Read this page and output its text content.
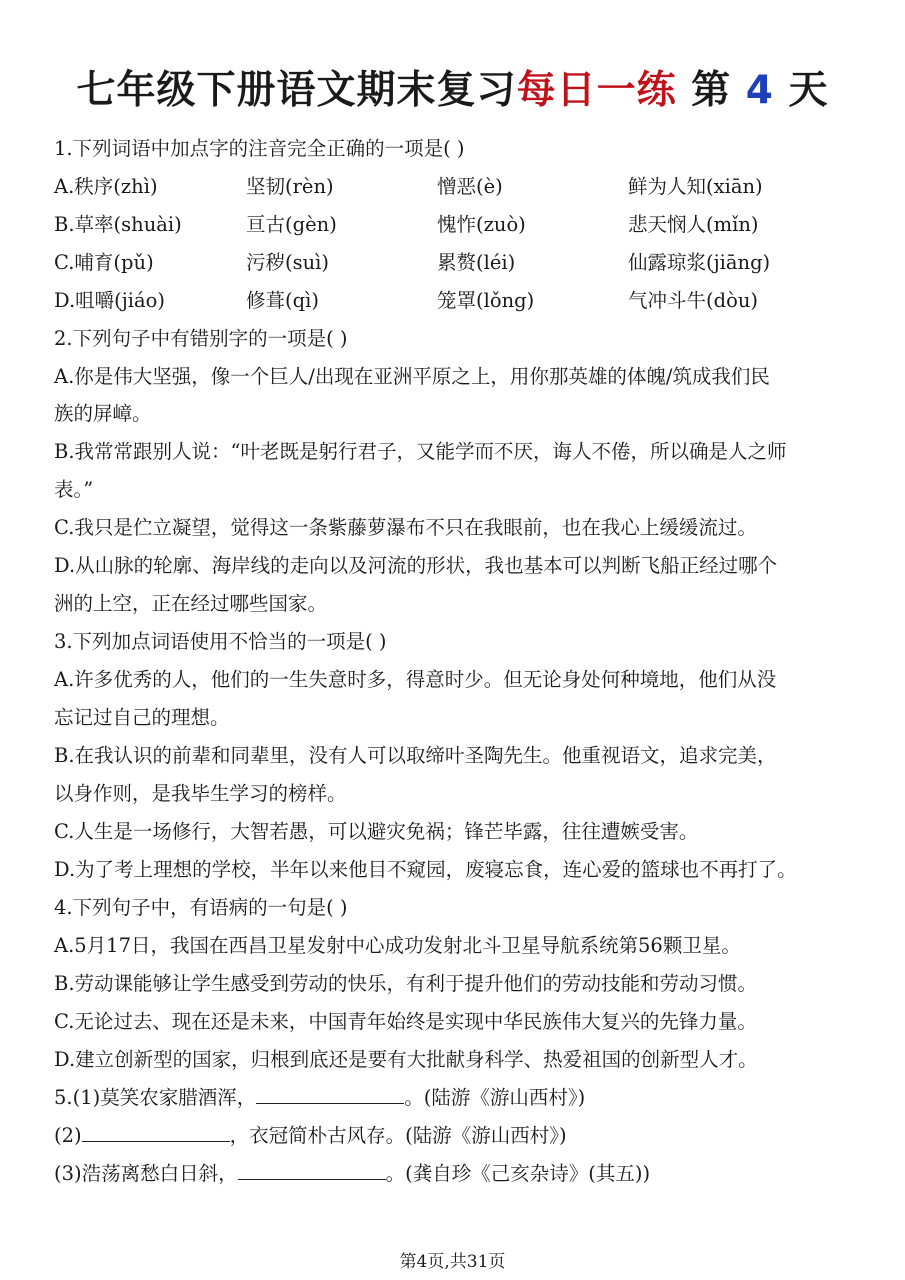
七年级下册语文期末复习每日一练 第 4 天
1.下列词语中加点字的注音完全正确的一项是( )
A.秩序(zhì)	坚韧(rèn)	憎恶(è)	鲜为人知(xiān)
B.草率(shuài)	亘古(gèn)	愧怍(zuò)	悲天悯人(mǐn)
C.哺育(pǔ)	污秽(suì)	累赘(léi)	仙露琼浆(jiāng)
D.咀嚼(jiáo)	修葺(qì)	笼罩(lǒng)	气冲斗牛(dòu)
2.下列句子中有错别字的一项是( )
A.你是伟大坚强，像一个巨人/出现在亚洲平原之上，用你那英雄的体魄/筑成我们民
族的屏嶂。
B.我常常跟别人说：“叶老既是躬行君子，又能学而不厌，诲人不倦，所以确是人之师
表。”
C.我只是伫立凝望，觉得这一条紫藤萝瀑布不只在我眼前，也在我心上缓缓流过。
D.从山脉的轮廓、海岸线的走向以及河流的形状，我也基本可以判断飞船正经过哪个
洲的上空，正在经过哪些国家。
3.下列加点词语使用不恰当的一项是( )
A.许多优秀的人，他们的一生失意时多，得意时少。但无论身处何种境地，他们从没
忘记过自己的理想。
B.在我认识的前辈和同辈里，没有人可以取缔叶圣陶先生。他重视语文，追求完美，
以身作则，是我毕生学习的榜样。
C.人生是一场修行，大智若愚，可以避灾免祸；锋芒毕露，往往遭嫉受害。
D.为了考上理想的学校，半年以来他目不窥园，废寝忘食，连心爱的篮球也不再打了。
4.下列句子中，有语病的一句是( )
A.5月17日，我国在西昌卫星发射中心成功发射北斗卫星导航系统第56颗卫星。
B.劳动课能够让学生感受到劳动的快乐，有利于提升他们的劳动技能和劳动习惯。
C.无论过去、现在还是未来，中国青年始终是实现中华民族伟大复兴的先锋力量。
D.建立创新型的国家，归根到底还是要有大批献身科学、热爱祖国的创新型人才。
5.(1)莫笑农家腊酒浑，	。(陆游《游山西村》)
(2)	，衣冠简朴古风存。(陆游《游山西村》)
(3)浩荡离愁白日斜，	。(龚自珍《己亥杂诗》(其五))
第4页,共31页
